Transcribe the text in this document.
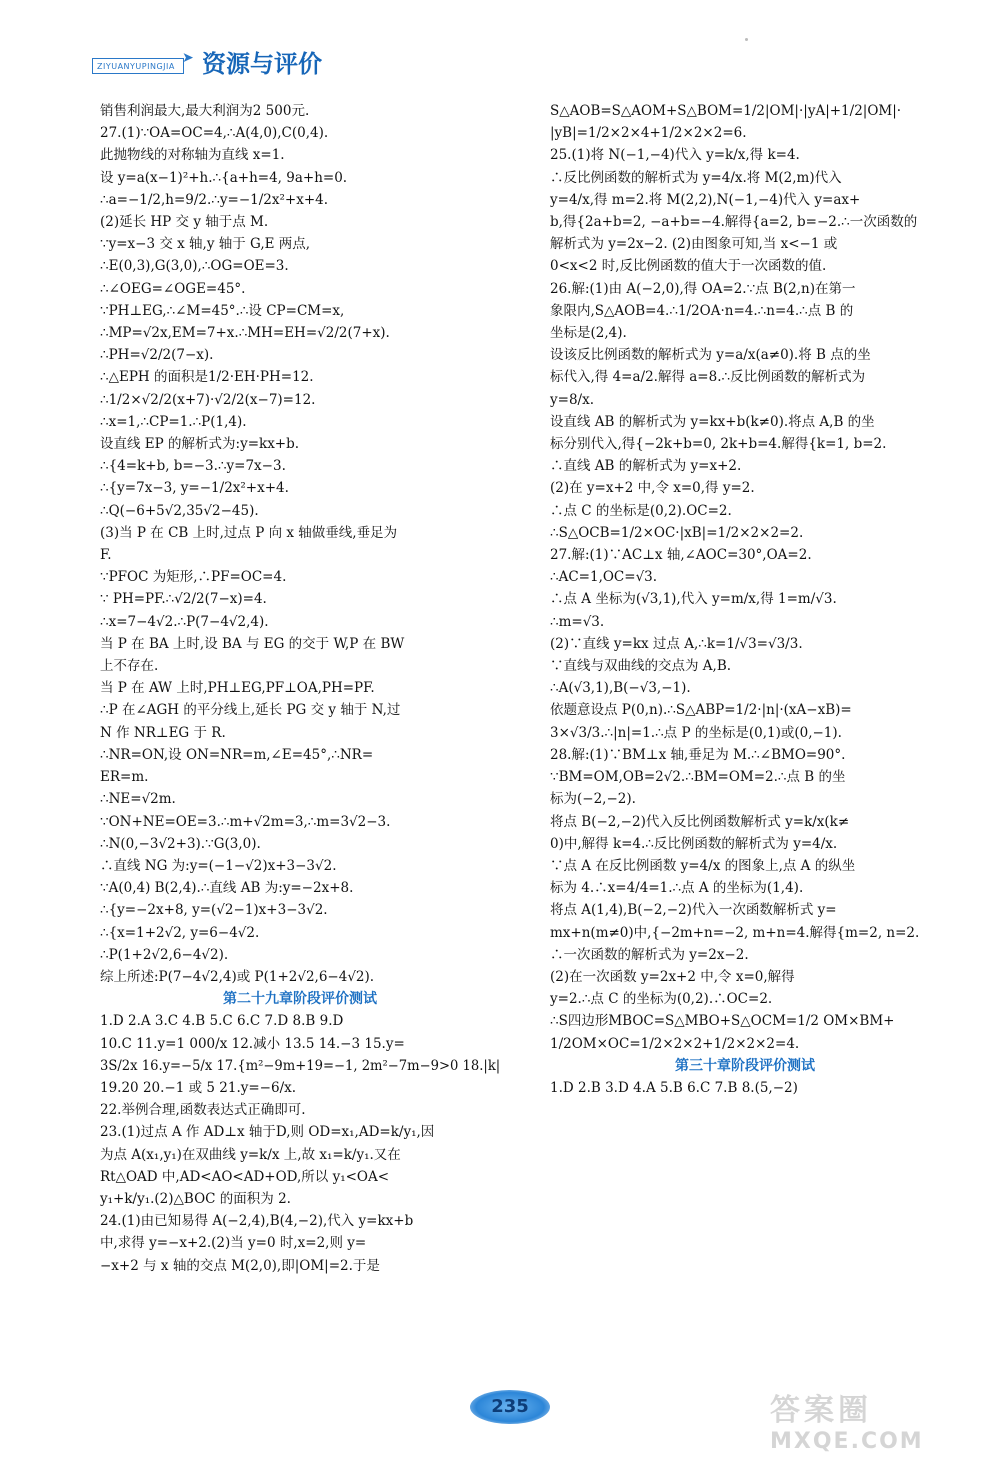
ZIYUANYUPINGJIA
➤ 资源与评价

销售利润最大,最大利润为2 500元.

27.(1)∵OA=OC=4,∴A(4,0),C(0,4).

此抛物线的对称轴为直线 x=1.

设 y=a(x−1)²+h.∴{a+h=4, 9a+h=0.

∴a=−1/2,h=9/2.∴y=−1/2x²+x+4.

(2)延长 HP 交 y 轴于点 M.

∵y=x−3 交 x 轴,y 轴于 G,E 两点,

∴E(0,3),G(3,0),∴OG=OE=3.

∴∠OEG=∠OGE=45°.

∵PH⊥EG,∴∠M=45°.∴设 CP=CM=x,

∴MP=√2x,EM=7+x.∴MH=EH=√2/2(7+x).

∴PH=√2/2(7−x).

∴△EPH 的面积是1/2·EH·PH=12.

∴1/2×√2/2(x+7)·√2/2(x−7)=12.

∴x=1,∴CP=1.∴P(1,4).

设直线 EP 的解析式为:y=kx+b.

∴{4=k+b, b=−3.∴y=7x−3.

∴{y=7x−3, y=−1/2x²+x+4.

∴Q(−6+5√2,35√2−45).

(3)当 P 在 CB 上时,过点 P 向 x 轴做垂线,垂足为

F.

∵PFOC 为矩形,∴PF=OC=4.

∵ PH=PF.∴√2/2(7−x)=4.

∴x=7−4√2.∴P(7−4√2,4).

当 P 在 BA 上时,设 BA 与 EG 的交于 W,P 在 BW

上不存在.

当 P 在 AW 上时,PH⊥EG,PF⊥OA,PH=PF.

∴P 在∠AGH 的平分线上,延长 PG 交 y 轴于 N,过

N 作 NR⊥EG 于 R.

∴NR=ON,设 ON=NR=m,∠E=45°,∴NR=

ER=m.

∴NE=√2m.

∵ON+NE=OE=3.∴m+√2m=3,∴m=3√2−3.

∴N(0,−3√2+3).∵G(3,0).

∴直线 NG 为:y=(−1−√2)x+3−3√2.

∵A(0,4) B(2,4).∴直线 AB 为:y=−2x+8.

∴{y=−2x+8, y=(√2−1)x+3−3√2.

∴{x=1+2√2, y=6−4√2.

∴P(1+2√2,6−4√2).

综上所述:P(7−4√2,4)或 P(1+2√2,6−4√2).

第二十九章阶段评价测试

1.D 2.A 3.C 4.B 5.C 6.C 7.D 8.B 9.D

10.C 11.y=1 000/x 12.减小 13.5 14.−3 15.y=

3S/2x 16.y=−5/x 17.{m²−9m+19=−1, 2m²−7m−9>0 18.|k|

19.20 20.−1 或 5 21.y=−6/x.

22.举例合理,函数表达式正确即可.

23.(1)过点 A 作 AD⊥x 轴于D,则 OD=x₁,AD=k/y₁,因

为点 A(x₁,y₁)在双曲线 y=k/x 上,故 x₁=k/y₁.又在

Rt△OAD 中,AD<AO<AD+OD,所以 y₁<OA<

y₁+k/y₁.(2)△BOC 的面积为 2.

24.(1)由已知易得 A(−2,4),B(4,−2),代入 y=kx+b

中,求得 y=−x+2.(2)当 y=0 时,x=2,则 y=

−x+2 与 x 轴的交点 M(2,0),即|OM|=2.于是

S△AOB=S△AOM+S△BOM=1/2|OM|·|yA|+1/2|OM|·

|yB|=1/2×2×4+1/2×2×2=6.

25.(1)将 N(−1,−4)代入 y=k/x,得 k=4.

∴反比例函数的解析式为 y=4/x.将 M(2,m)代入

y=4/x,得 m=2.将 M(2,2),N(−1,−4)代入 y=ax+

b,得{2a+b=2, −a+b=−4.解得{a=2, b=−2.∴一次函数的

解析式为 y=2x−2. (2)由图象可知,当 x<−1 或

0<x<2 时,反比例函数的值大于一次函数的值.

26.解:(1)由 A(−2,0),得 OA=2.∵点 B(2,n)在第一

象限内,S△AOB=4.∴1/2OA·n=4.∴n=4.∴点 B 的

坐标是(2,4).

设该反比例函数的解析式为 y=a/x(a≠0).将 B 点的坐

标代入,得 4=a/2.解得 a=8.∴反比例函数的解析式为

y=8/x.

设直线 AB 的解析式为 y=kx+b(k≠0).将点 A,B 的坐

标分别代入,得{−2k+b=0, 2k+b=4.解得{k=1, b=2.

∴直线 AB 的解析式为 y=x+2.

(2)在 y=x+2 中,令 x=0,得 y=2.

∴点 C 的坐标是(0,2).OC=2.

∴S△OCB=1/2×OC·|xB|=1/2×2×2=2.

27.解:(1)∵AC⊥x 轴,∠AOC=30°,OA=2.

∴AC=1,OC=√3.

∴点 A 坐标为(√3,1),代入 y=m/x,得 1=m/√3.

∴m=√3.

(2)∵直线 y=kx 过点 A,∴k=1/√3=√3/3.

∵直线与双曲线的交点为 A,B.

∴A(√3,1),B(−√3,−1).

依题意设点 P(0,n).∴S△ABP=1/2·|n|·(xA−xB)=

3×√3/3.∴|n|=1.∴点 P 的坐标是(0,1)或(0,−1).

28.解:(1)∵BM⊥x 轴,垂足为 M.∴∠BMO=90°.

∵BM=OM,OB=2√2.∴BM=OM=2.∴点 B 的坐

标为(−2,−2).

将点 B(−2,−2)代入反比例函数解析式 y=k/x(k≠

0)中,解得 k=4.∴反比例函数的解析式为 y=4/x.

∵点 A 在反比例函数 y=4/x 的图象上,点 A 的纵坐

标为 4.∴x=4/4=1.∴点 A 的坐标为(1,4).

将点 A(1,4),B(−2,−2)代入一次函数解析式 y=

mx+n(m≠0)中,{−2m+n=−2, m+n=4.解得{m=2, n=2.

∴一次函数的解析式为 y=2x−2.

(2)在一次函数 y=2x+2 中,令 x=0,解得

y=2.∴点 C 的坐标为(0,2).∴OC=2.

∴S四边形MBOC=S△MBO+S△OCM=1/2 OM×BM+

1/2OM×OC=1/2×2×2+1/2×2×2=4.

第三十章阶段评价测试

1.D 2.B 3.D 4.A 5.B 6.C 7.B 8.(5,−2)

235	答案圈
MXQE.COM
